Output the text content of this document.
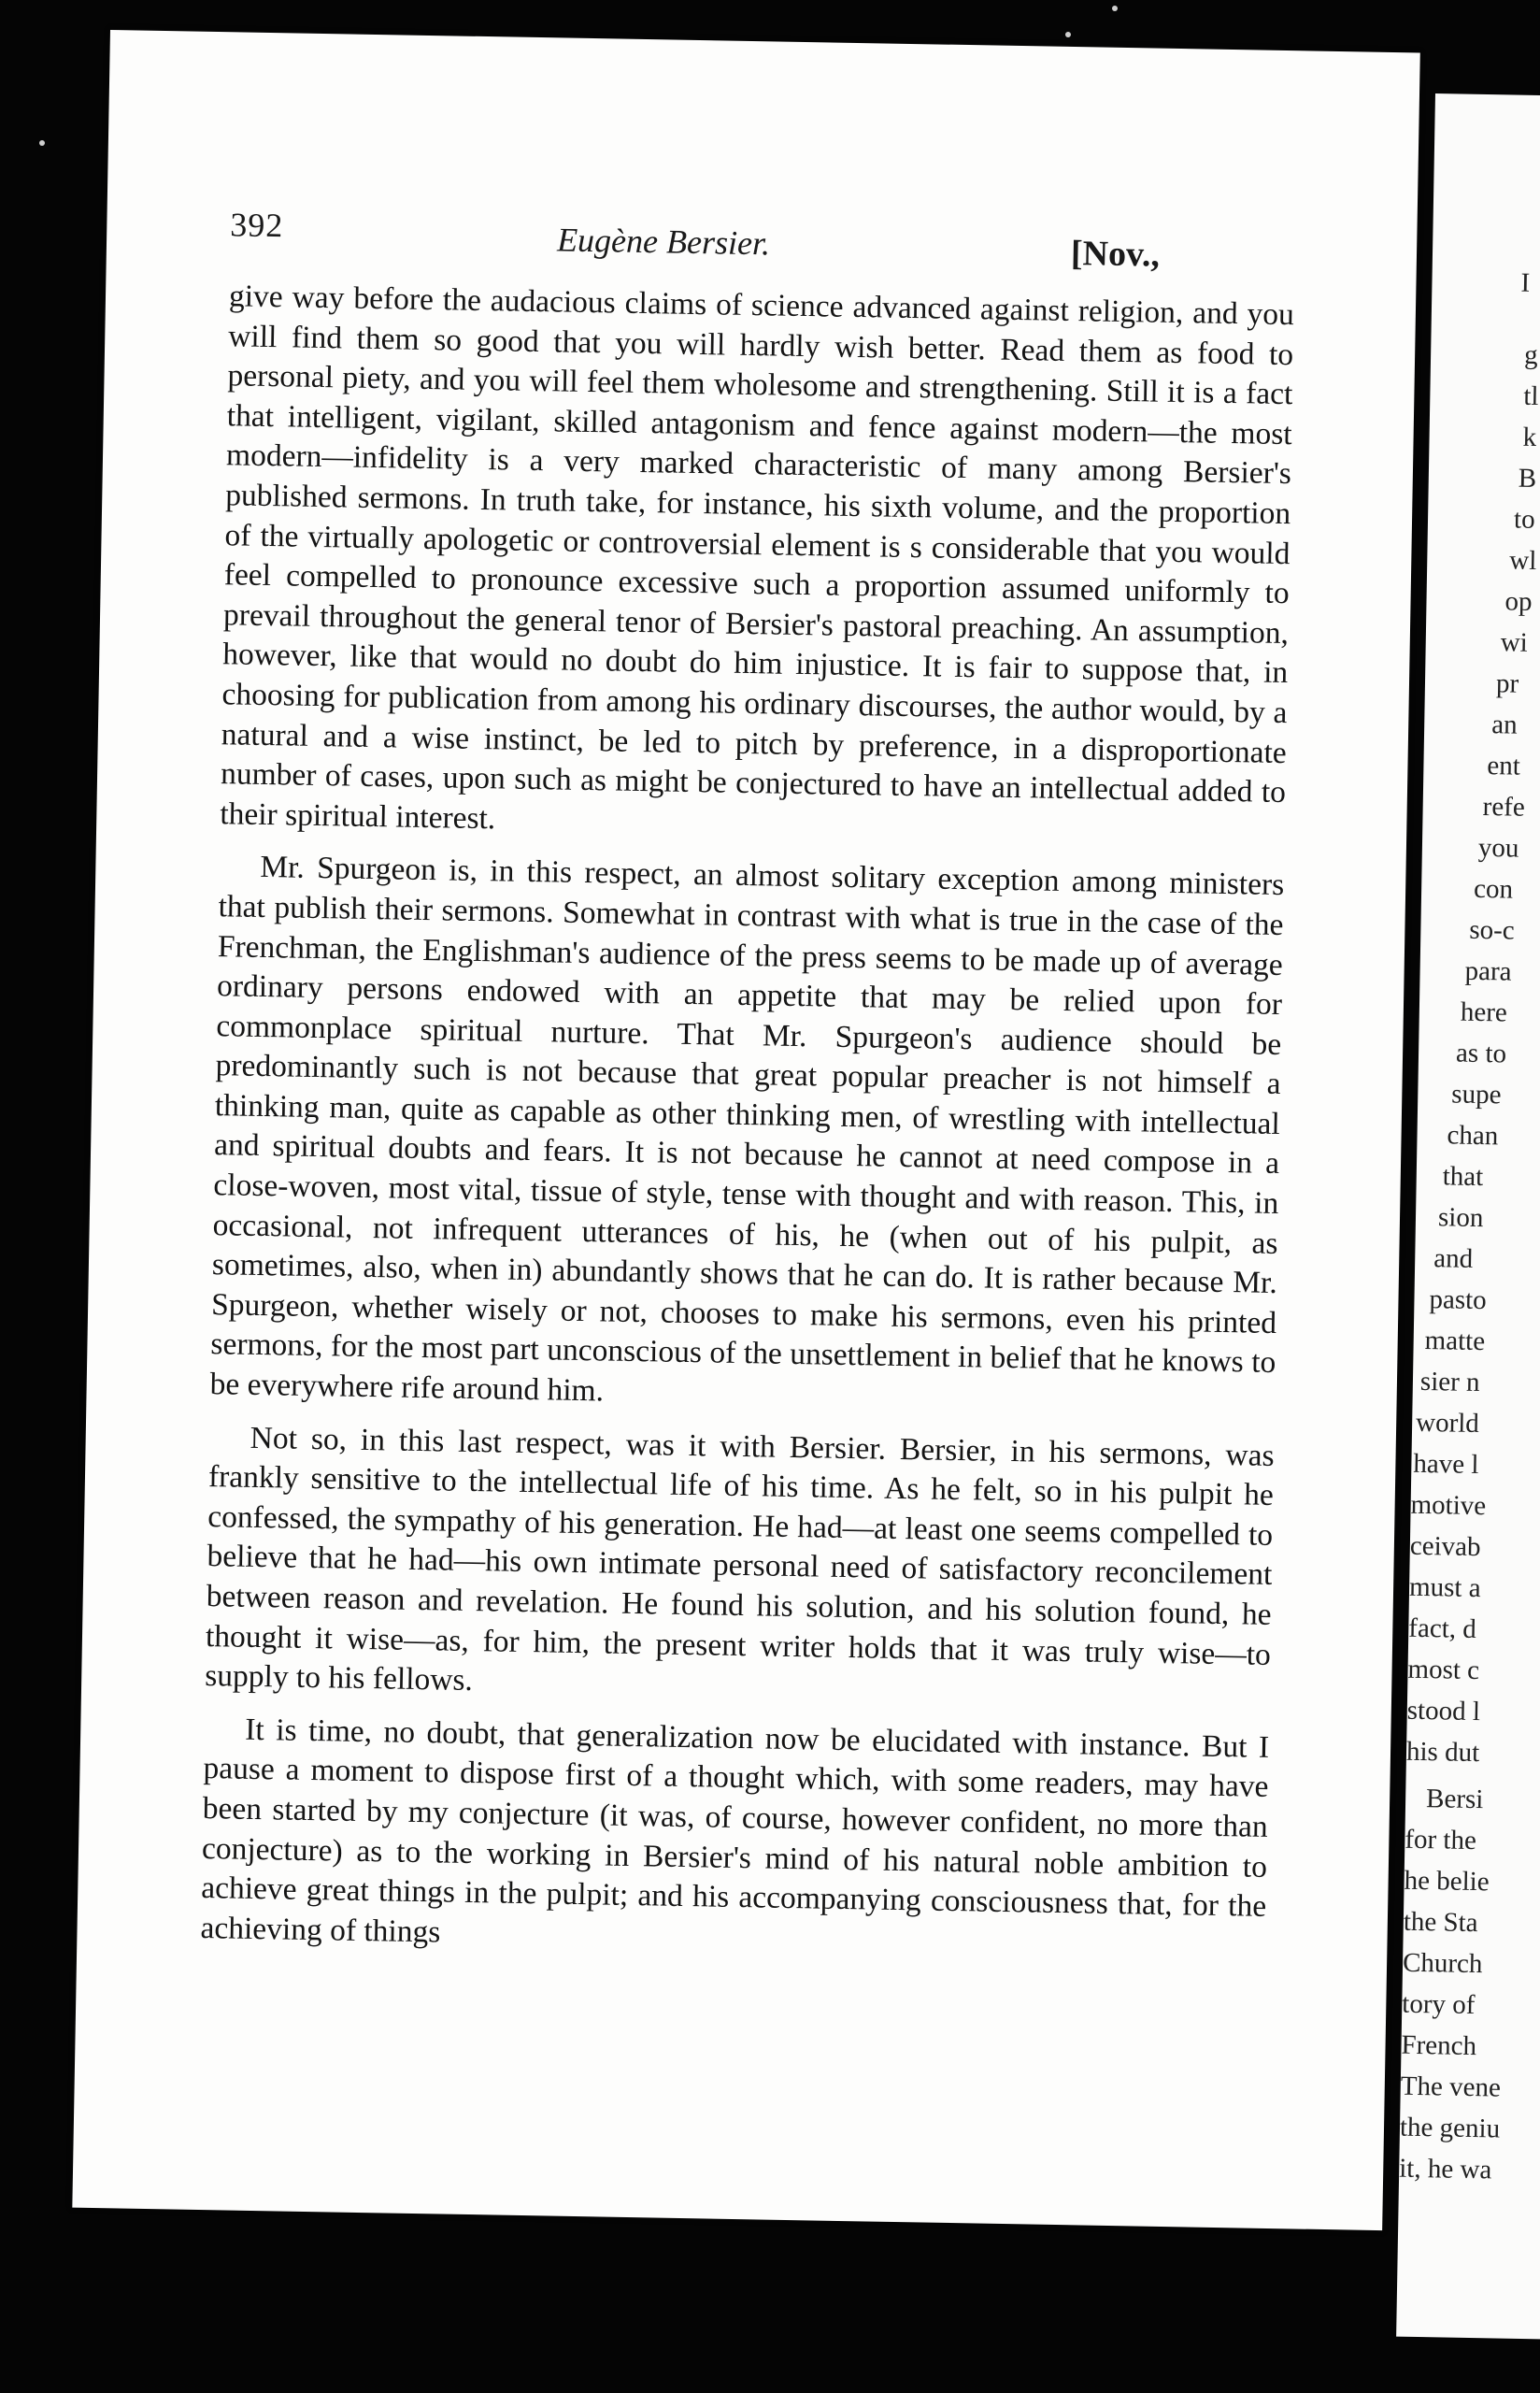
392	Eugène Bersier.	[Nov.,

give way before the audacious claims of science advanced against religion, and you will find them so good that you will hardly wish better. Read them as food to personal piety, and you will feel them wholesome and strengthening. Still it is a fact that intelligent, vigilant, skilled antagonism and fence against modern—the most modern—infidelity is a very marked characteristic of many among Bersier's published sermons. In truth take, for instance, his sixth volume, and the proportion of the virtually apologetic or controversial element is s considerable that you would feel compelled to pronounce excessive such a proportion assumed uniformly to prevail throughout the general tenor of Bersier's pastoral preaching. An assumption, however, like that would no doubt do him injustice. It is fair to suppose that, in choosing for publication from among his ordinary discourses, the author would, by a natural and a wise instinct, be led to pitch by preference, in a disproportionate number of cases, upon such as might be conjectured to have an intellectual added to their spiritual interest.

Mr. Spurgeon is, in this respect, an almost solitary exception among ministers that publish their sermons. Somewhat in contrast with what is true in the case of the Frenchman, the Englishman's audience of the press seems to be made up of average ordinary persons endowed with an appetite that may be relied upon for commonplace spiritual nurture. That Mr. Spurgeon's audience should be predominantly such is not because that great popular preacher is not himself a thinking man, quite as capable as other thinking men, of wrestling with intellectual and spiritual doubts and fears. It is not because he cannot at need compose in a close-woven, most vital, tissue of style, tense with thought and with reason. This, in occasional, not infrequent utterances of his, he (when out of his pulpit, as sometimes, also, when in) abundantly shows that he can do. It is rather because Mr. Spurgeon, whether wisely or not, chooses to make his sermons, even his printed sermons, for the most part unconscious of the unsettlement in belief that he knows to be everywhere rife around him.

Not so, in this last respect, was it with Bersier. Bersier, in his sermons, was frankly sensitive to the intellectual life of his time. As he felt, so in his pulpit he confessed, the sympathy of his generation. He had—at least one seems compelled to believe that he had—his own intimate personal need of satisfactory reconcilement between reason and revelation. He found his solution, and his solution found, he thought it wise—as, for him, the present writer holds that it was truly wise—to supply to his fellows.

It is time, no doubt, that generalization now be elucidated with instance. But I pause a moment to dispose first of a thought which, with some readers, may have been started by my conjecture (it was, of course, however confident, no more than conjecture) as to the working in Bersier's mind of his natural noble ambition to achieve great things in the pulpit; and his accompanying consciousness that, for the achieving of things

I
g
tl
k
B
to
wl
op
wi
pr
an
ent
refe
you
con
so-c
para
here
as to
supe
chan
that
sion
and
pasto
matte
sier n
world
have l
motive
ceivab
must a
fact, d
most c
stood l
his dut
Bersi
for the
he belie
the Sta
Church
tory of
French
The vene
the geniu
it, he wa
